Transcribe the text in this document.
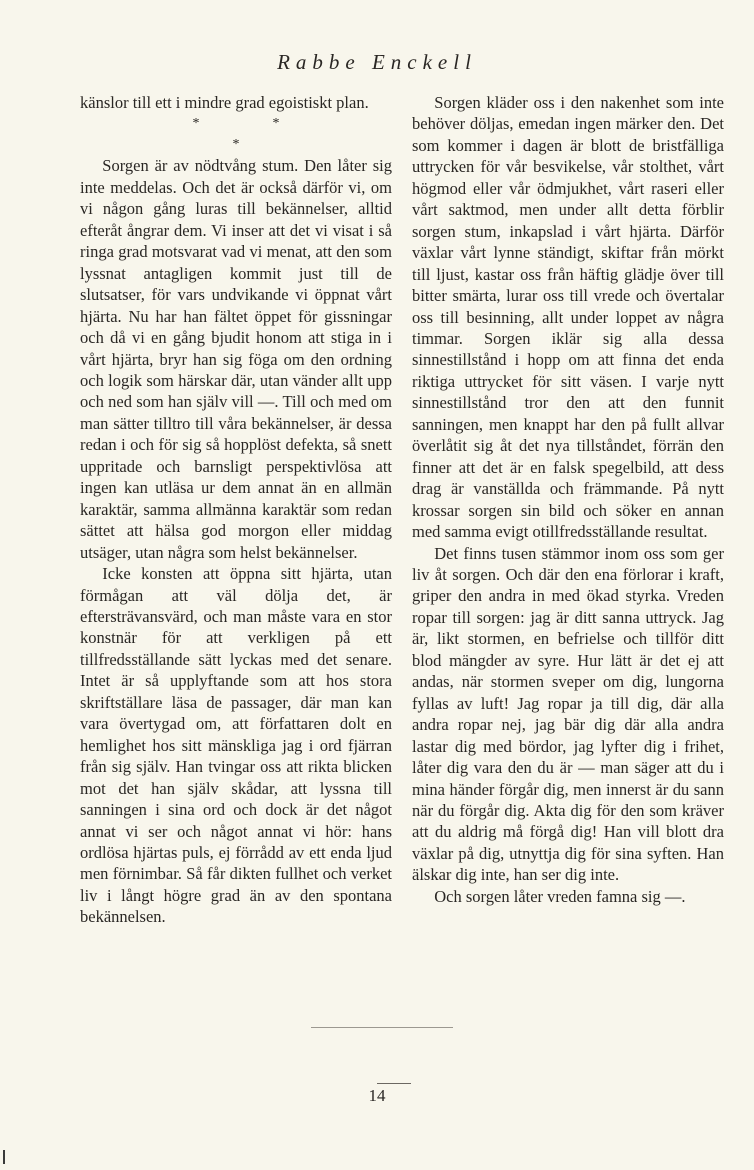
Rabbe Enckell

känslor till ett i mindre grad egoistiskt plan.

*	*
*

Sorgen är av nödtvång stum. Den låter sig inte meddelas. Och det är också därför vi, om vi någon gång luras till bekännelser, alltid efteråt ångrar dem. Vi inser att det vi visat i så ringa grad motsvarat vad vi menat, att den som lyssnat antagligen kommit just till de slutsatser, för vars undvikande vi öppnat vårt hjärta. Nu har han fältet öppet för gissningar och då vi en gång bjudit honom att stiga in i vårt hjärta, bryr han sig föga om den ordning och logik som härskar där, utan vänder allt upp och ned som han själv vill —. Till och med om man sätter tilltro till våra bekännelser, är dessa redan i och för sig så hopplöst defekta, så snett uppritade och barnsligt perspektivlösa att ingen kan utläsa ur dem annat än en allmän karaktär, samma allmänna karaktär som redan sättet att hälsa god morgon eller middag utsäger, utan några som helst bekännelser.

Icke konsten att öppna sitt hjärta, utan förmågan att väl dölja det, är eftersträvansvärd, och man måste vara en stor konstnär för att verkligen på ett tillfredsställande sätt lyckas med det senare. Intet är så upplyftande som att hos stora skriftställare läsa de passager, där man kan vara övertygad om, att författaren dolt en hemlighet hos sitt mänskliga jag i ord fjärran från sig själv. Han tvingar oss att rikta blicken mot det han själv skådar, att lyssna till sanningen i sina ord och dock är det något annat vi ser och något annat vi hör: hans ordlösa hjärtas puls, ej förrådd av ett enda ljud men förnimbar. Så får dikten fullhet och verket liv i långt högre grad än av den spontana bekännelsen.

Sorgen kläder oss i den nakenhet som inte behöver döljas, emedan ingen märker den. Det som kommer i dagen är blott de bristfälliga uttrycken för vår besvikelse, vår stolthet, vårt högmod eller vår ödmjukhet, vårt raseri eller vårt saktmod, men under allt detta förblir sorgen stum, inkapslad i vårt hjärta. Därför växlar vårt lynne ständigt, skiftar från mörkt till ljust, kastar oss från häftig glädje över till bitter smärta, lurar oss till vrede och övertalar oss till besinning, allt under loppet av några timmar. Sorgen iklär sig alla dessa sinnestillstånd i hopp om att finna det enda riktiga uttrycket för sitt väsen. I varje nytt sinnestillstånd tror den att den funnit sanningen, men knappt har den på fullt allvar överlåtit sig åt det nya tillståndet, förrän den finner att det är en falsk spegelbild, att dess drag är vanställda och främmande. På nytt krossar sorgen sin bild och söker en annan med samma evigt otillfredsställande resultat.

Det finns tusen stämmor inom oss som ger liv åt sorgen. Och där den ena förlorar i kraft, griper den andra in med ökad styrka. Vreden ropar till sorgen: jag är ditt sanna uttryck. Jag är, likt stormen, en befrielse och tillför ditt blod mängder av syre. Hur lätt är det ej att andas, när stormen sveper om dig, lungorna fyllas av luft! Jag ropar ja till dig, där alla andra ropar nej, jag bär dig där alla andra lastar dig med bördor, jag lyfter dig i frihet, låter dig vara den du är — man säger att du i mina händer förgår dig, men innerst är du sann när du förgår dig. Akta dig för den som kräver att du aldrig må förgå dig! Han vill blott dra växlar på dig, utnyttja dig för sina syften. Han älskar dig inte, han ser dig inte.

Och sorgen låter vreden famna sig —.

14
